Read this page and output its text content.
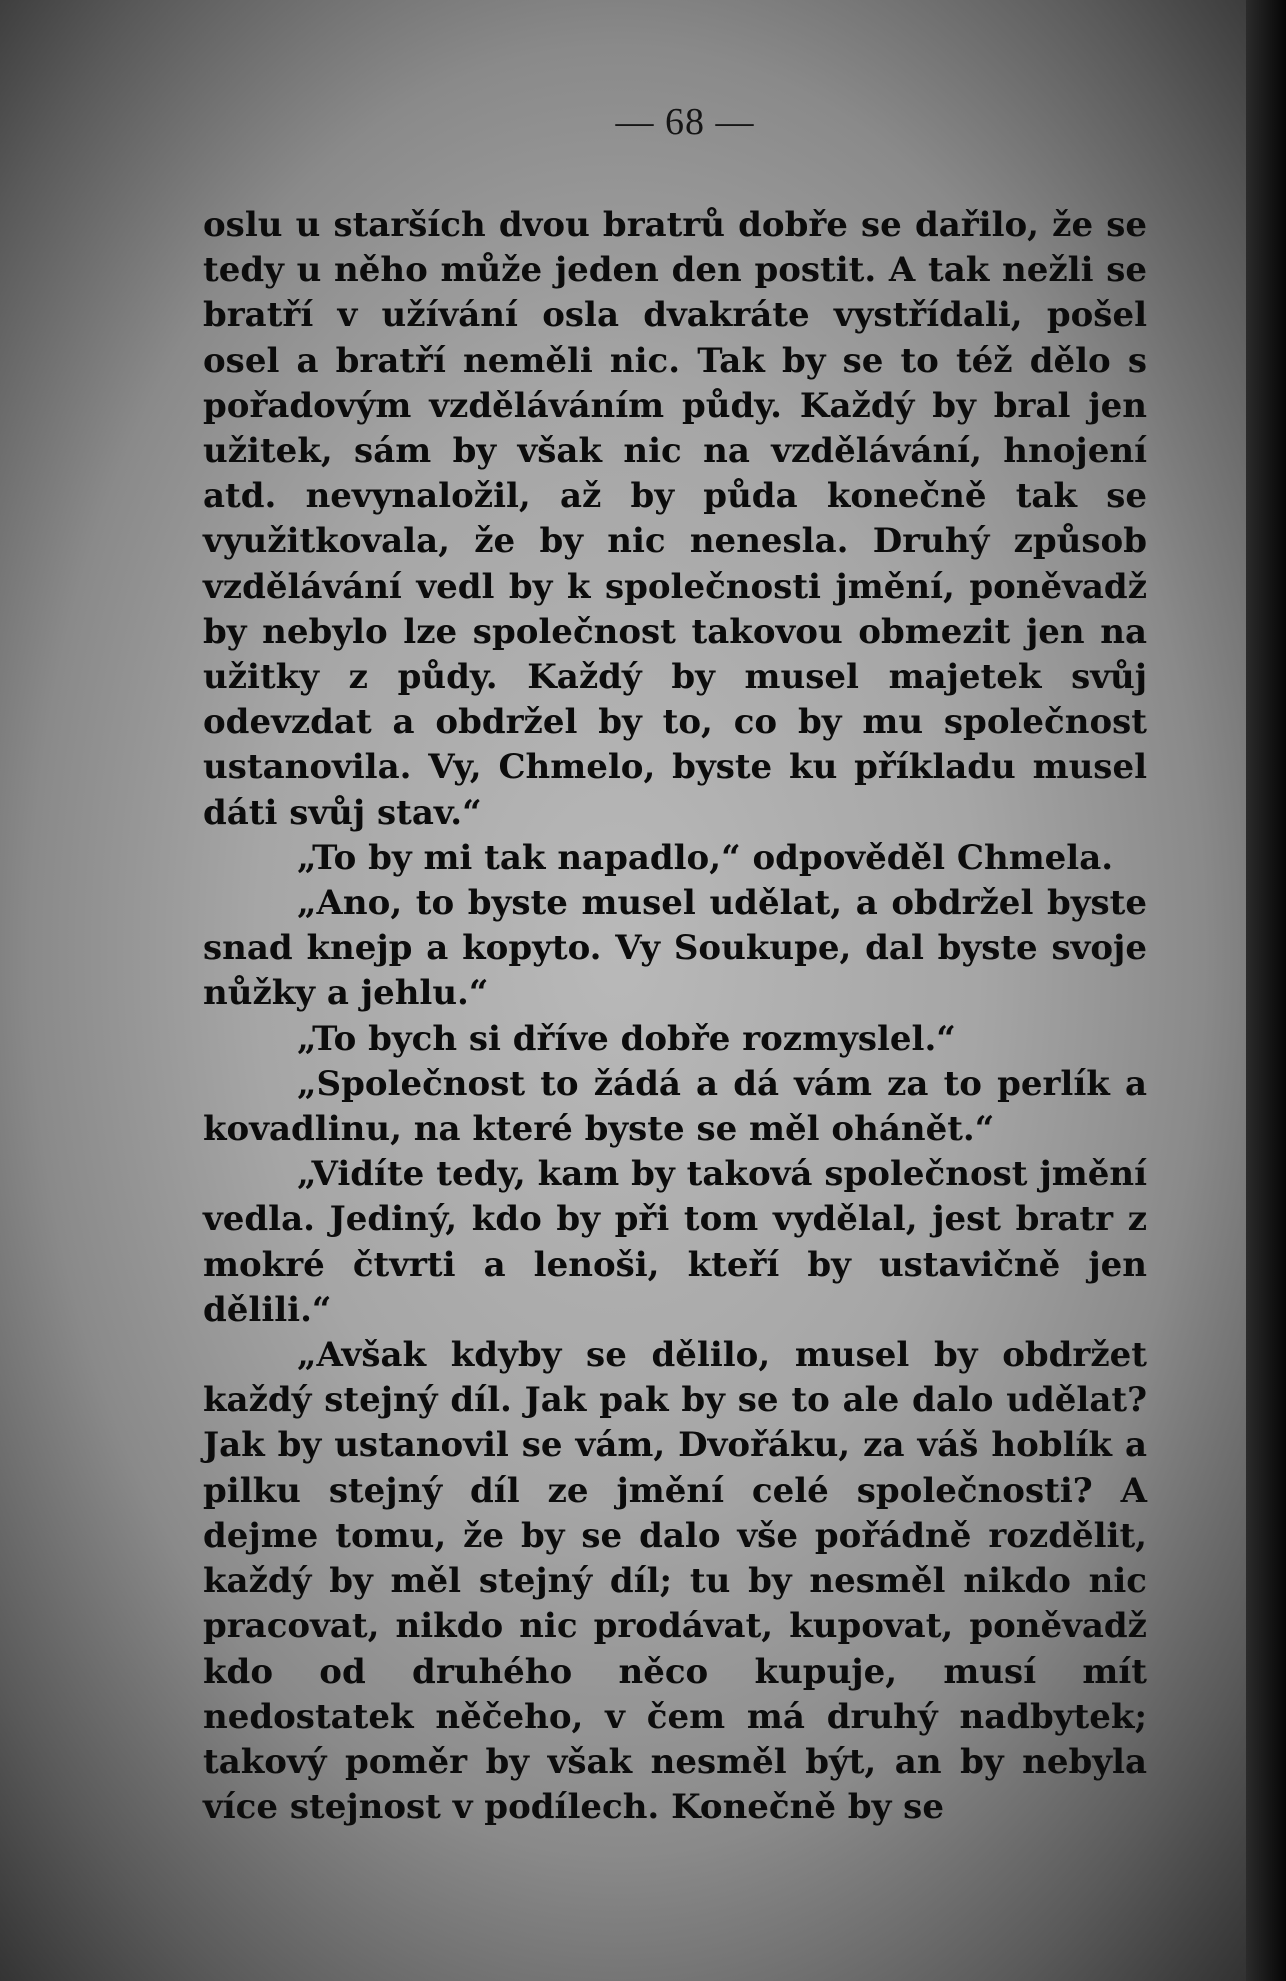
— 68 —

oslu u starších dvou bratrů dobře se dařilo, že se tedy u něho může jeden den postit. A tak nežli se bratří v užívání osla dvakráte vystřídali, pošel osel a bratří neměli nic. Tak by se to též dělo s pořadovým vzděláváním půdy. Každý by bral jen užitek, sám by však nic na vzdělávání, hnojení atd. nevynaložil, až by půda konečně tak se využitkovala, že by nic nenesla. Druhý způsob vzdělávání vedl by k společnosti jmění, poněvadž by nebylo lze společnost takovou obmezit jen na užitky z půdy. Každý by musel majetek svůj odevzdat a obdržel by to, co by mu společnost ustanovila. Vy, Chmelo, byste ku příkladu musel dáti svůj stav.“

„To by mi tak napadlo,“ odpověděl Chmela.

„Ano, to byste musel udělat, a obdržel byste snad knejp a kopyto. Vy Soukupe, dal byste svoje nůžky a jehlu.“

„To bych si dříve dobře rozmyslel.“

„Společnost to žádá a dá vám za to perlík a kovadlinu, na které byste se měl ohánět.“

„Vidíte tedy, kam by taková společnost jmění vedla. Jediný, kdo by při tom vydělal, jest bratr z mokré čtvrti a lenoši, kteří by ustavičně jen dělili.“

„Avšak kdyby se dělilo, musel by obdržet každý stejný díl. Jak pak by se to ale dalo udělat? Jak by ustanovil se vám, Dvořáku, za váš hoblík a pilku stejný díl ze jmění celé společnosti? A dejme tomu, že by se dalo vše pořádně rozdělit, každý by měl stejný díl; tu by nesměl nikdo nic pracovat, nikdo nic prodávat, kupovat, poněvadž kdo od druhého něco kupuje, musí mít nedostatek něčeho, v čem má druhý nadbytek; takový poměr by však nesměl být, an by nebyla více stejnost v podílech. Konečně by se
